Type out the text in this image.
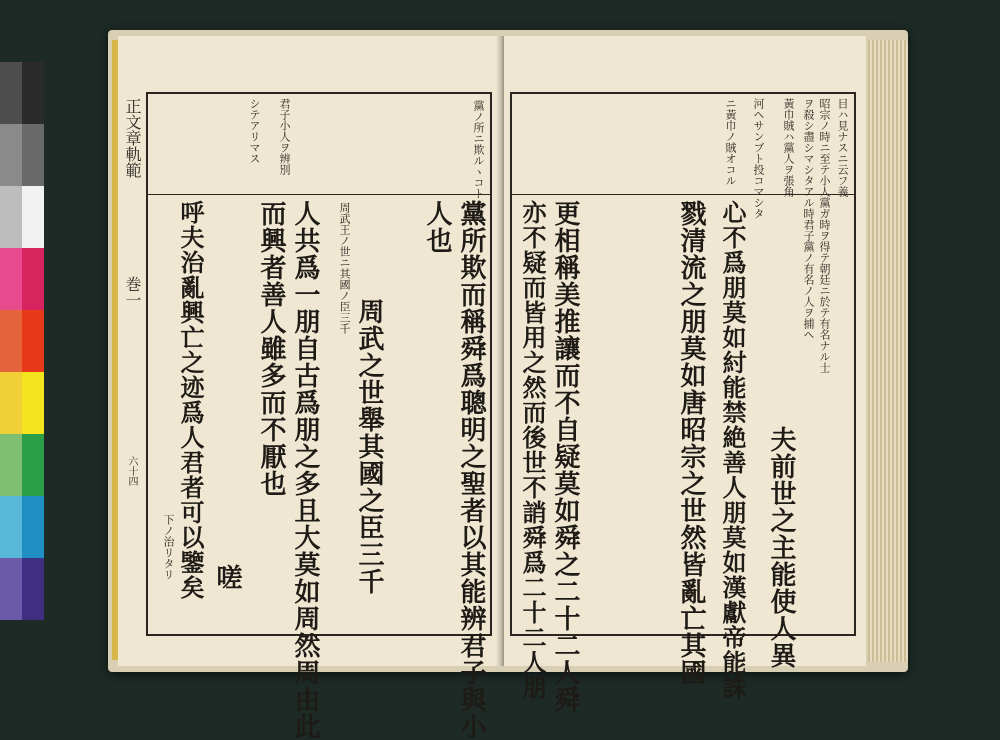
正文章軌範
巻一
六十四
黨ノ所ニ欺ルヽコトナシ
周武王ノ世ニ其國ノ臣三千
下ノ治リタリ
君子小人ヲ辨別
シテアリマス
黨所欺而稱舜爲聰明之聖者以其能辨君子與小
人也
周武之世舉其國之臣三千
人共爲一朋自古爲朋之多且大莫如周然周由此
而興者善人雖多而不厭也
嗟
呼夫治亂興亡之迹爲人君者可以鑒矣
目ハ見ナスニ云フ義
ヲ殺シ盡シマシタアル時君子黨ノ有名ノ人ヲ捕ヘ 昭宗ノ時ニ至テ小人黨ガ時ヲ得テ朝廷ニ於テ有名ナル士
黃巾賊ハ黨人ヲ張角
河ヘサンブト投コマシタ
ニ黃巾ノ賊オコル
夫前世之主能使人異
心不爲朋莫如紂能禁絶善人朋莫如漢獻帝能誅
戮清流之朋莫如唐昭宗之世然皆亂亡其國
更相稱美推讓而不自疑莫如舜之二十二人舜
亦不疑而皆用之然而後世不誚舜爲二十二人朋
